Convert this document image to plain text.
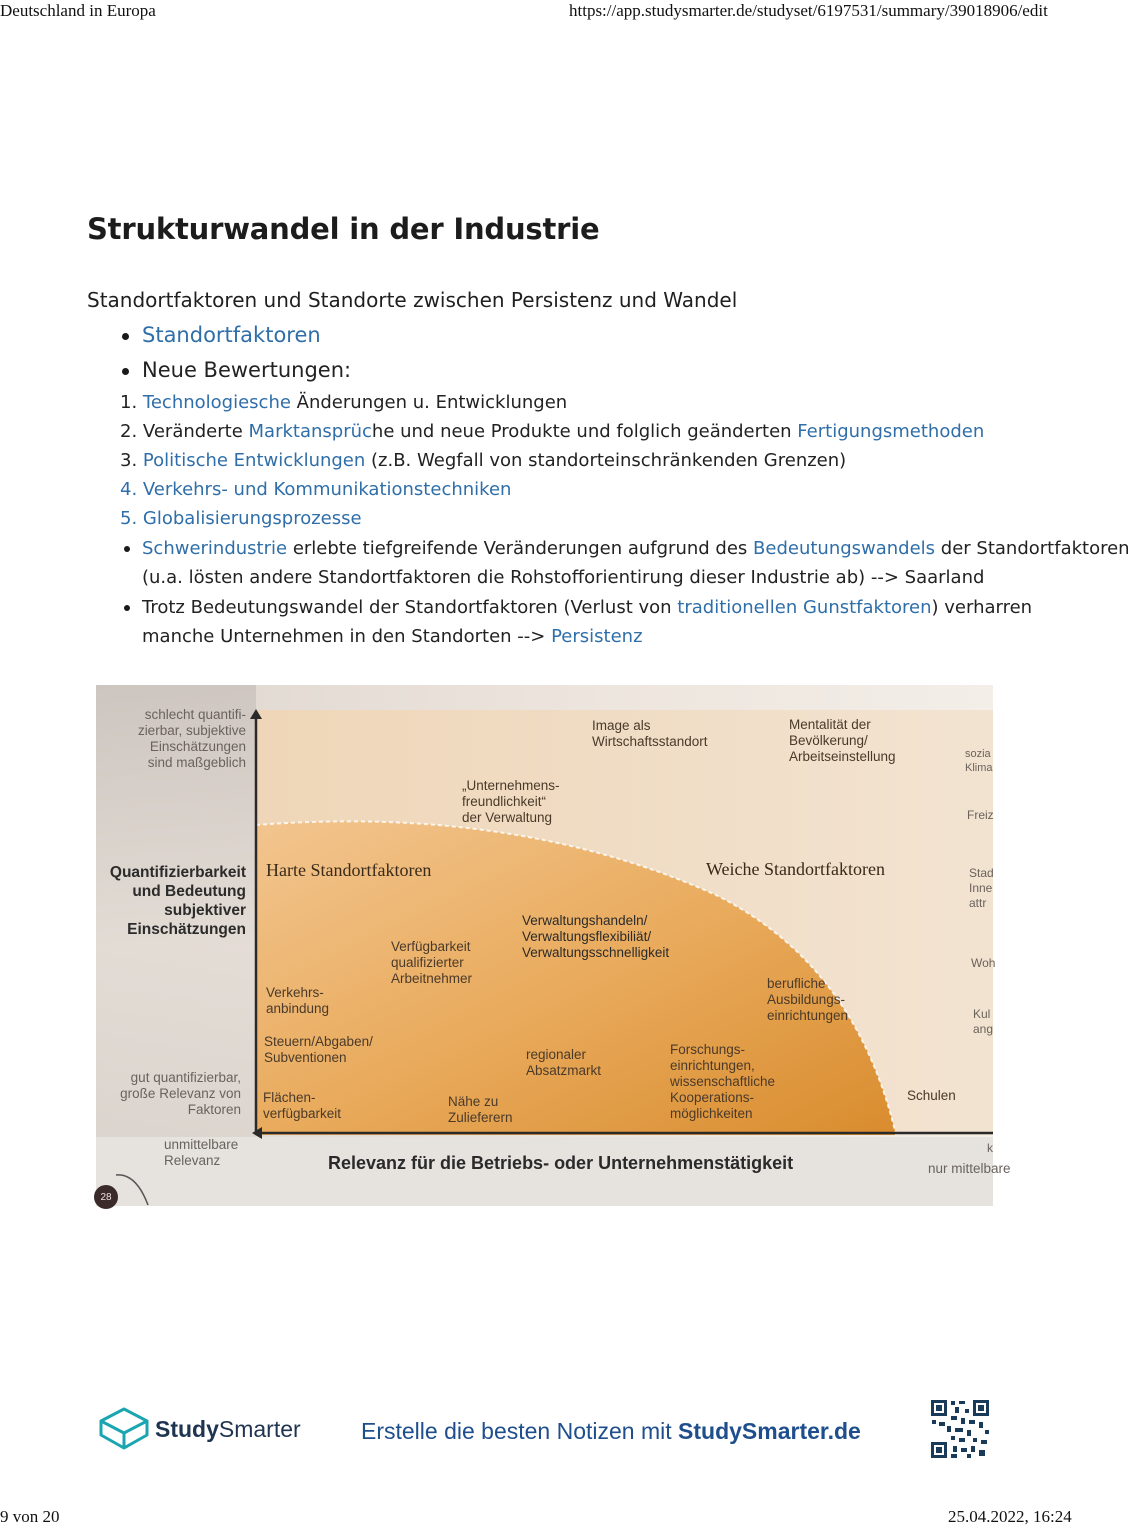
Deutschland in Europa	https://app.studysmarter.de/studyset/6197531/summary/39018906/edit
9 von 20	25.04.2022, 16:24
Strukturwandel in der Industrie

Standortfaktoren und Standorte zwischen Persistenz und Wandel

Standortfaktoren
Neue Bewertungen:
1. Technologiesche Änderungen u. Entwicklungen
2. Veränderte Marktansprüche und neue Produkte und folglich geänderten Fertigungsmethoden
3. Politische Entwicklungen (z.B. Wegfall von standorteinschränkenden Grenzen)
4. Verkehrs- und Kommunikationstechniken
5. Globalisierungsprozesse
Schwerindustrie erlebte tiefgreifende Veränderungen aufgrund des Bedeutungswandels der Standortfaktoren
(u.a. lösten andere Standortfaktoren die Rohstofforientirung dieser Industrie ab) --> Saarland
Trotz Bedeutungswandel der Standortfaktoren (Verlust von traditionellen Gunstfaktoren) verharren
manche Unternehmen in den Standorten --> Persistenz
28
schlecht quantifi-
zierbar, subjektive
Einschätzungen
sind maßgeblich
Quantifizierbarkeit
und Bedeutung
subjektiver
Einschätzungen
gut quantifizierbar,
große Relevanz von
Faktoren
unmittelbare
Relevanz	Relevanz für die Betriebs- oder Unternehmenstätigkeit	nur mittelbare
Harte Standortfaktoren	Weiche Standortfaktoren
Image als
Wirtschaftsstandort
Mentalität der
Bevölkerung/
Arbeitseinstellung
„Unternehmens-
freundlichkeit“
der Verwaltung
Verwaltungshandeln/
Verwaltungsflexibiliät/
Verwaltungsschnelligkeit
Verfügbarkeit
qualifizierter
Arbeitnehmer
Verkehrs-
anbindung
Steuern/Abgaben/
Subventionen
Flächen-
verfügbarkeit
Nähe zu
Zulieferern
regionaler
Absatzmarkt
Forschungs-
einrichtungen,
wissenschaftliche
Kooperations-
möglichkeiten
berufliche
Ausbildungs-
einrichtungen
Schulen
sozia
Klima
Freiz
Stad
Inne
attr
Woh
Kul
ang
k
StudySmarter	Erstelle die besten Notizen mit StudySmarter.de
